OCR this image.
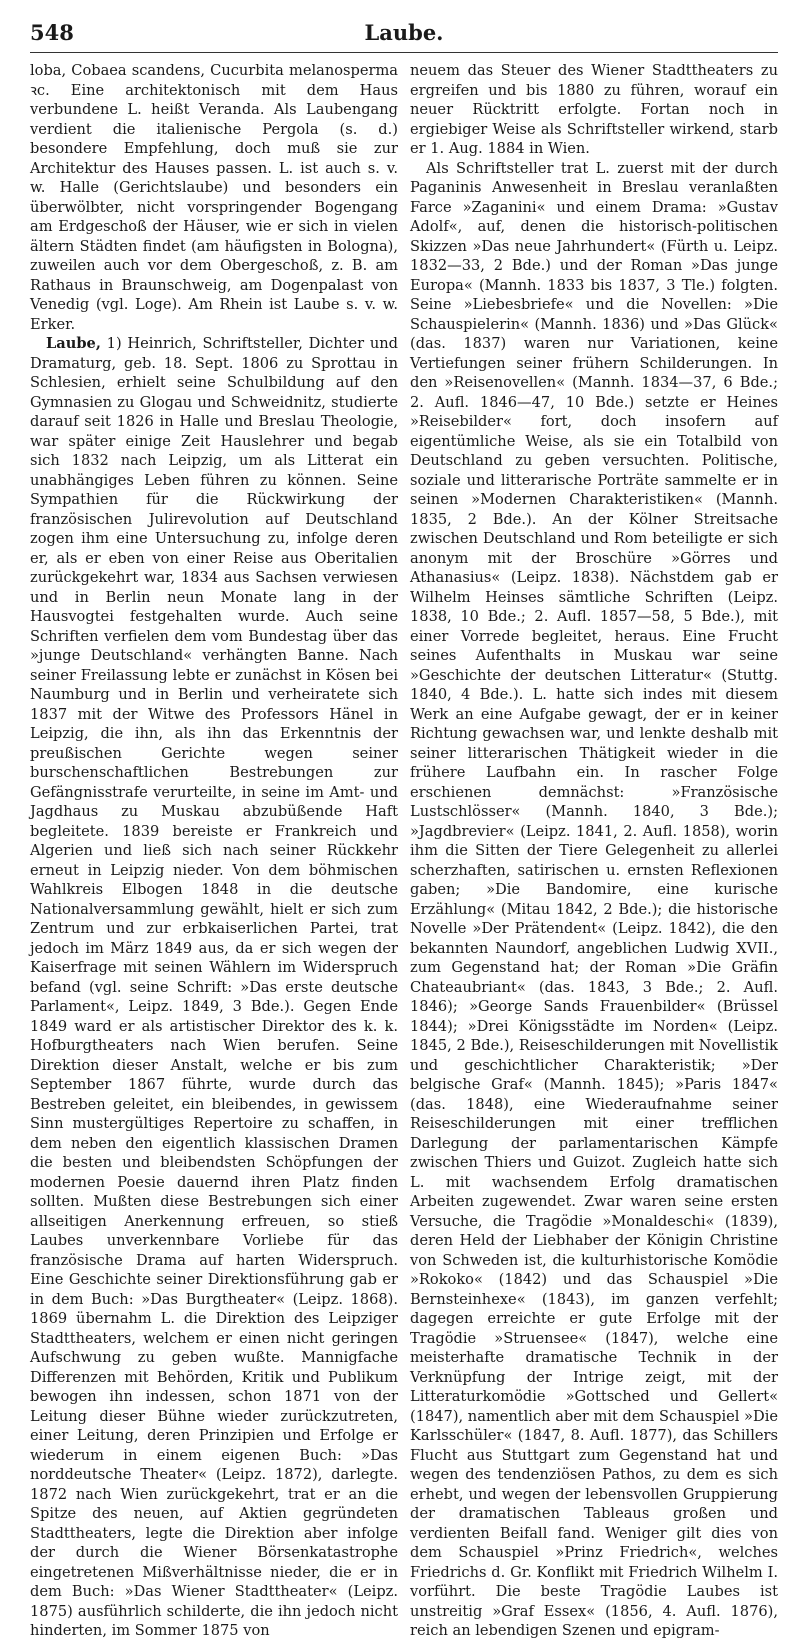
548	Laube.

loba, Cobaea scandens, Cucurbita melanosperma ꝛc. Eine architektonisch mit dem Haus verbundene L. heißt Veranda. Als Laubengang verdient die italienische Pergola (s. d.) besondere Empfehlung, doch muß sie zur Architektur des Hauses passen. L. ist auch s. v. w. Halle (Gerichtslaube) und besonders ein überwölbter, nicht vorspringender Bogengang am Erdgeschoß der Häuser, wie er sich in vielen ältern Städten findet (am häufigsten in Bologna), zuweilen auch vor dem Obergeschoß, z. B. am Rathaus in Braunschweig, am Dogenpalast von Venedig (vgl. Loge). Am Rhein ist Laube s. v. w. Erker.

Laube, 1) Heinrich, Schriftsteller, Dichter und Dramaturg, geb. 18. Sept. 1806 zu Sprottau in Schlesien, erhielt seine Schulbildung auf den Gymnasien zu Glogau und Schweidnitz, studierte darauf seit 1826 in Halle und Breslau Theologie, war später einige Zeit Hauslehrer und begab sich 1832 nach Leipzig, um als Litterat ein unabhängiges Leben führen zu können. Seine Sympathien für die Rückwirkung der französischen Julirevolution auf Deutschland zogen ihm eine Untersuchung zu, infolge deren er, als er eben von einer Reise aus Oberitalien zurückgekehrt war, 1834 aus Sachsen verwiesen und in Berlin neun Monate lang in der Hausvogtei festgehalten wurde. Auch seine Schriften verfielen dem vom Bundestag über das »junge Deutschland« verhängten Banne. Nach seiner Freilassung lebte er zunächst in Kösen bei Naumburg und in Berlin und verheiratete sich 1837 mit der Witwe des Professors Hänel in Leipzig, die ihn, als ihn das Erkenntnis der preußischen Gerichte wegen seiner burschenschaftlichen Bestrebungen zur Gefängnisstrafe verurteilte, in seine im Amt- und Jagdhaus zu Muskau abzubüßende Haft begleitete. 1839 bereiste er Frankreich und Algerien und ließ sich nach seiner Rückkehr erneut in Leipzig nieder. Von dem böhmischen Wahlkreis Elbogen 1848 in die deutsche Nationalversammlung gewählt, hielt er sich zum Zentrum und zur erbkaiserlichen Partei, trat jedoch im März 1849 aus, da er sich wegen der Kaiserfrage mit seinen Wählern im Widerspruch befand (vgl. seine Schrift: »Das erste deutsche Parlament«, Leipz. 1849, 3 Bde.). Gegen Ende 1849 ward er als artistischer Direktor des k. k. Hofburgtheaters nach Wien berufen. Seine Direktion dieser Anstalt, welche er bis zum September 1867 führte, wurde durch das Bestreben geleitet, ein bleibendes, in gewissem Sinn mustergültiges Repertoire zu schaffen, in dem neben den eigentlich klassischen Dramen die besten und bleibendsten Schöpfungen der modernen Poesie dauernd ihren Platz finden sollten. Mußten diese Bestrebungen sich einer allseitigen Anerkennung erfreuen, so stieß Laubes unverkennbare Vorliebe für das französische Drama auf harten Widerspruch. Eine Geschichte seiner Direktionsführung gab er in dem Buch: »Das Burgtheater« (Leipz. 1868). 1869 übernahm L. die Direktion des Leipziger Stadttheaters, welchem er einen nicht geringen Aufschwung zu geben wußte. Mannigfache Differenzen mit Behörden, Kritik und Publikum bewogen ihn indessen, schon 1871 von der Leitung dieser Bühne wieder zurückzutreten, einer Leitung, deren Prinzipien und Erfolge er wiederum in einem eigenen Buch: »Das norddeutsche Theater« (Leipz. 1872), darlegte. 1872 nach Wien zurückgekehrt, trat er an die Spitze des neuen, auf Aktien gegründeten Stadttheaters, legte die Direktion aber infolge der durch die Wiener Börsenkatastrophe eingetretenen Mißverhältnisse nieder, die er in dem Buch: »Das Wiener Stadttheater« (Leipz. 1875) ausführlich schilderte, die ihn jedoch nicht hinderten, im Sommer 1875 von

neuem das Steuer des Wiener Stadttheaters zu ergreifen und bis 1880 zu führen, worauf ein neuer Rücktritt erfolgte. Fortan noch in ergiebiger Weise als Schriftsteller wirkend, starb er 1. Aug. 1884 in Wien.

Als Schriftsteller trat L. zuerst mit der durch Paganinis Anwesenheit in Breslau veranlaßten Farce »Zaganini« und einem Drama: »Gustav Adolf«, auf, denen die historisch-politischen Skizzen »Das neue Jahrhundert« (Fürth u. Leipz. 1832—33, 2 Bde.) und der Roman »Das junge Europa« (Mannh. 1833 bis 1837, 3 Tle.) folgten. Seine »Liebesbriefe« und die Novellen: »Die Schauspielerin« (Mannh. 1836) und »Das Glück« (das. 1837) waren nur Variationen, keine Vertiefungen seiner frühern Schilderungen. In den »Reisenovellen« (Mannh. 1834—37, 6 Bde.; 2. Aufl. 1846—47, 10 Bde.) setzte er Heines »Reisebilder« fort, doch insofern auf eigentümliche Weise, als sie ein Totalbild von Deutschland zu geben versuchten. Politische, soziale und litterarische Porträte sammelte er in seinen »Modernen Charakteristiken« (Mannh. 1835, 2 Bde.). An der Kölner Streitsache zwischen Deutschland und Rom beteiligte er sich anonym mit der Broschüre »Görres und Athanasius« (Leipz. 1838). Nächstdem gab er Wilhelm Heinses sämtliche Schriften (Leipz. 1838, 10 Bde.; 2. Aufl. 1857—58, 5 Bde.), mit einer Vorrede begleitet, heraus. Eine Frucht seines Aufenthalts in Muskau war seine »Geschichte der deutschen Litteratur« (Stuttg. 1840, 4 Bde.). L. hatte sich indes mit diesem Werk an eine Aufgabe gewagt, der er in keiner Richtung gewachsen war, und lenkte deshalb mit seiner litterarischen Thätigkeit wieder in die frühere Laufbahn ein. In rascher Folge erschienen demnächst: »Französische Lustschlösser« (Mannh. 1840, 3 Bde.); »Jagdbrevier« (Leipz. 1841, 2. Aufl. 1858), worin ihm die Sitten der Tiere Gelegenheit zu allerlei scherzhaften, satirischen u. ernsten Reflexionen gaben; »Die Bandomire, eine kurische Erzählung« (Mitau 1842, 2 Bde.); die historische Novelle »Der Prätendent« (Leipz. 1842), die den bekannten Naundorf, angeblichen Ludwig XVII., zum Gegenstand hat; der Roman »Die Gräfin Chateaubriant« (das. 1843, 3 Bde.; 2. Aufl. 1846); »George Sands Frauenbilder« (Brüssel 1844); »Drei Königsstädte im Norden« (Leipz. 1845, 2 Bde.), Reiseschilderungen mit Novellistik und geschichtlicher Charakteristik; »Der belgische Graf« (Mannh. 1845); »Paris 1847« (das. 1848), eine Wiederaufnahme seiner Reiseschilderungen mit einer trefflichen Darlegung der parlamentarischen Kämpfe zwischen Thiers und Guizot. Zugleich hatte sich L. mit wachsendem Erfolg dramatischen Arbeiten zugewendet. Zwar waren seine ersten Versuche, die Tragödie »Monaldeschi« (1839), deren Held der Liebhaber der Königin Christine von Schweden ist, die kulturhistorische Komödie »Rokoko« (1842) und das Schauspiel »Die Bernsteinhexe« (1843), im ganzen verfehlt; dagegen erreichte er gute Erfolge mit der Tragödie »Struensee« (1847), welche eine meisterhafte dramatische Technik in der Verknüpfung der Intrige zeigt, mit der Litteraturkomödie »Gottsched und Gellert« (1847), namentlich aber mit dem Schauspiel »Die Karlsschüler« (1847, 8. Aufl. 1877), das Schillers Flucht aus Stuttgart zum Gegenstand hat und wegen des tendenziösen Pathos, zu dem es sich erhebt, und wegen der lebensvollen Gruppierung der dramatischen Tableaus großen und verdienten Beifall fand. Weniger gilt dies von dem Schauspiel »Prinz Friedrich«, welches Friedrichs d. Gr. Konflikt mit Friedrich Wilhelm I. vorführt. Die beste Tragödie Laubes ist unstreitig »Graf Essex« (1856, 4. Aufl. 1876), reich an lebendigen Szenen und epigram-
